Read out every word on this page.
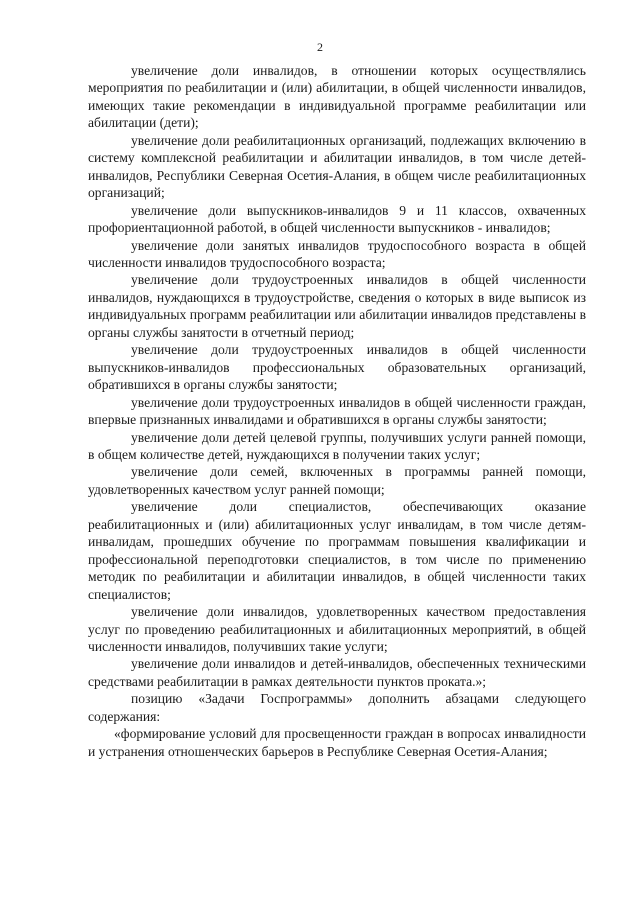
2

увеличение доли инвалидов, в отношении которых осуществлялись мероприятия по реабилитации и (или) абилитации, в общей численности инвалидов, имеющих такие рекомендации в индивидуальной программе реабилитации или абилитации (дети);

увеличение доли реабилитационных организаций, подлежащих включению в систему комплексной реабилитации и абилитации инвалидов, в том числе детей-инвалидов, Республики Северная Осетия-Алания, в общем числе реабилитационных организаций;

увеличение доли выпускников-инвалидов 9 и 11 классов, охваченных профориентационной работой, в общей численности выпускников - инвалидов;

увеличение доли занятых инвалидов трудоспособного возраста в общей численности инвалидов трудоспособного возраста;

увеличение доли трудоустроенных инвалидов в общей численности инвалидов, нуждающихся в трудоустройстве, сведения о которых в виде выписок из индивидуальных программ реабилитации или абилитации инвалидов представлены в органы службы занятости в отчетный период;

увеличение доли трудоустроенных инвалидов в общей численности выпускников-инвалидов профессиональных образовательных организаций, обратившихся в органы службы занятости;

увеличение доли трудоустроенных инвалидов в общей численности граждан, впервые признанных инвалидами и обратившихся в органы службы занятости;

увеличение доли детей целевой группы, получивших услуги ранней помощи, в общем количестве детей, нуждающихся в получении таких услуг;

увеличение доли семей, включенных в программы ранней помощи, удовлетворенных качеством услуг ранней помощи;

увеличение доли специалистов, обеспечивающих оказание реабилитационных и (или) абилитационных услуг инвалидам, в том числе детям-инвалидам, прошедших обучение по программам повышения квалификации и профессиональной переподготовки специалистов, в том числе по применению методик по реабилитации и абилитации инвалидов, в общей численности таких специалистов;

увеличение доли инвалидов, удовлетворенных качеством предоставления услуг по проведению реабилитационных и абилитационных мероприятий, в общей численности инвалидов, получивших такие услуги;

увеличение доли инвалидов и детей-инвалидов, обеспеченных техническими средствами реабилитации в рамках деятельности пунктов проката.»;

позицию «Задачи Госпрограммы» дополнить абзацами следующего содержания:

«формирование условий для просвещенности граждан в вопросах инвалидности и устранения отношенческих барьеров в Республике Северная Осетия-Алания;
